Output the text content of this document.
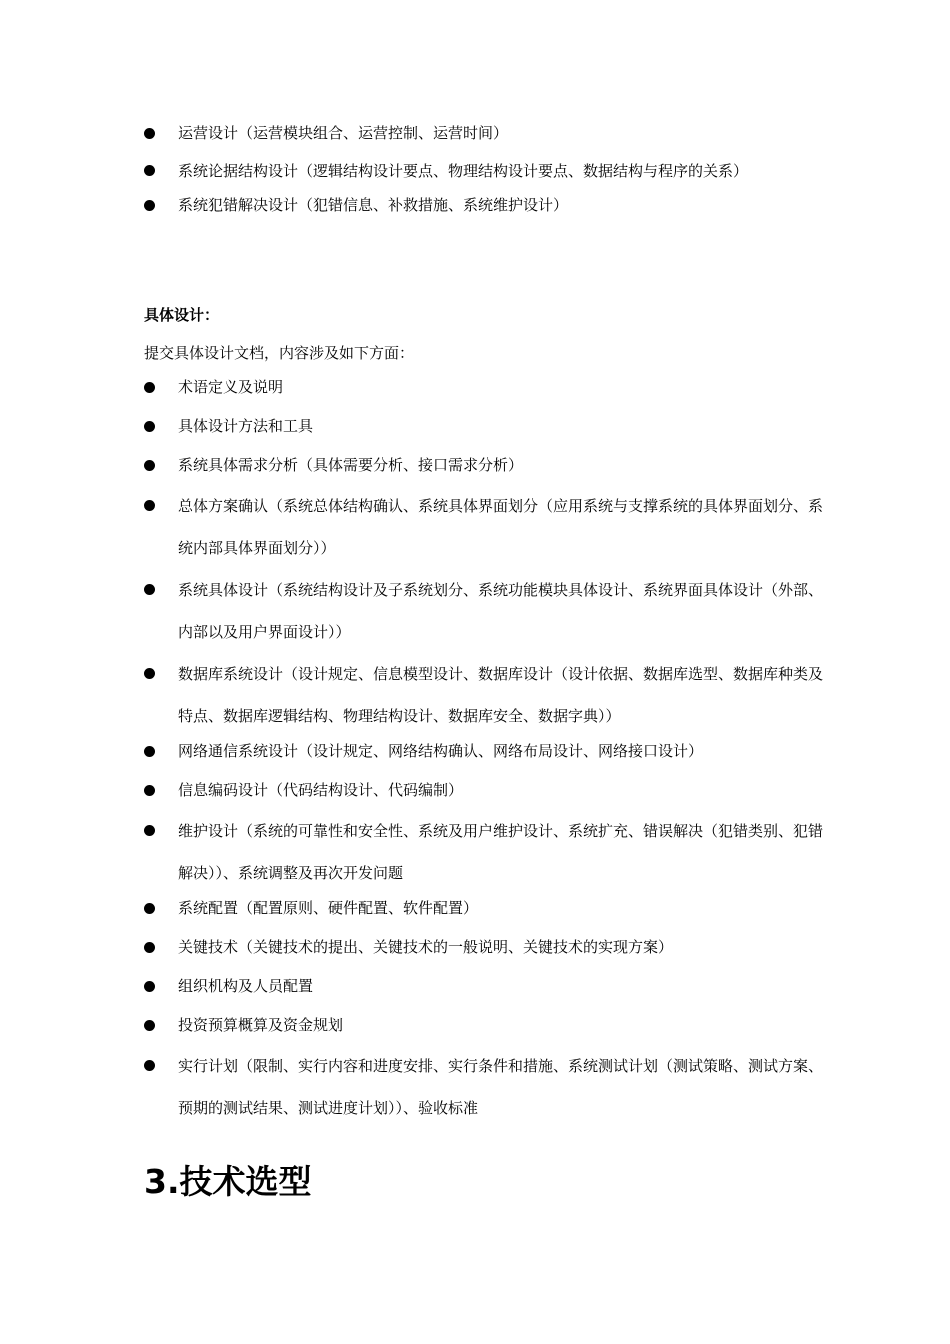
运营设计（运营模块组合、运营控制、运营时间）
系统论据结构设计（逻辑结构设计要点、物理结构设计要点、数据结构与程序的关系）
系统犯错解决设计（犯错信息、补救措施、系统维护设计）

具体设计：

提交具体设计文档，内容涉及如下方面：

术语定义及说明
具体设计方法和工具
系统具体需求分析（具体需要分析、接口需求分析）
总体方案确认（系统总体结构确认、系统具体界面划分（应用系统与支撑系统的具体界面划分、系统内部具体界面划分））
系统具体设计（系统结构设计及子系统划分、系统功能模块具体设计、系统界面具体设计（外部、内部以及用户界面设计））
数据库系统设计（设计规定、信息模型设计、数据库设计（设计依据、数据库选型、数据库种类及特点、数据库逻辑结构、物理结构设计、数据库安全、数据字典））
网络通信系统设计（设计规定、网络结构确认、网络布局设计、网络接口设计）
信息编码设计（代码结构设计、代码编制）
维护设计（系统的可靠性和安全性、系统及用户维护设计、系统扩充、错误解决（犯错类别、犯错解决））、系统调整及再次开发问题
系统配置（配置原则、硬件配置、软件配置）
关键技术（关键技术的提出、关键技术的一般说明、关键技术的实现方案）
组织机构及人员配置
投资预算概算及资金规划
实行计划（限制、实行内容和进度安排、实行条件和措施、系统测试计划（测试策略、测试方案、预期的测试结果、测试进度计划））、验收标准
3.技术选型
